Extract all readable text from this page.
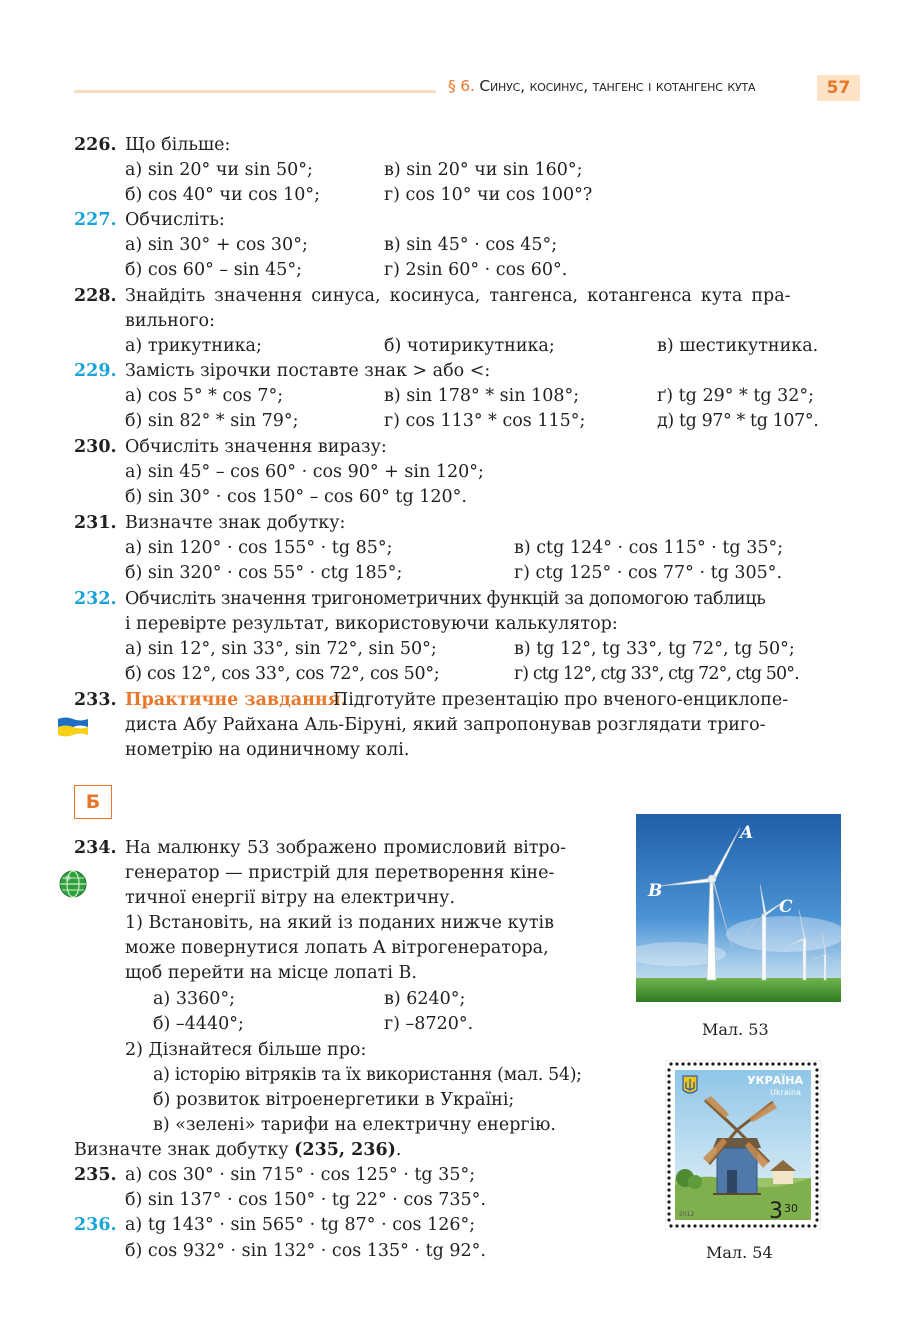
§ 6. Синус, косинус, тангенс і котангенс кута	57
226. Що більше:
а) sin 20° чи sin 50°;	в) sin 20° чи sin 160°;
б) cos 40° чи cos 10°;	г) cos 10° чи cos 100°?
227. Обчисліть:
а) sin 30° + cos 30°;	в) sin 45° · cos 45°;
б) cos 60° – sin 45°;	г) 2sin 60° · cos 60°.
228. Знайдіть значення синуса, косинуса, тангенса, котангенса кута пра-
вильного:
а) трикутника;	б) чотирикутника;	в) шестикутника.
229. Замість зірочки поставте знак > або <:
а) cos 5° * cos 7°;	в) sin 178° * sin 108°;	ґ) tg 29° * tg 32°;
б) sin 82° * sin 79°;	г) cos 113° * cos 115°;	д) tg 97° * tg 107°.
230. Обчисліть значення виразу:
а) sin 45° – cos 60° · cos 90° + sin 120°;
б) sin 30° · cos 150° – cos 60° tg 120°.
231. Визначте знак добутку:
а) sin 120° · cos 155° · tg 85°;	в) ctg 124° · cos 115° · tg 35°;
б) sin 320° · cos 55° · ctg 185°;	г) ctg 125° · cos 77° · tg 305°.
232. Обчисліть значення тригонометричних функцій за допомогою таблиць
і перевірте результат, використовуючи калькулятор:
а) sin 12°, sin 33°, sin 72°, sin 50°;	в) tg 12°, tg 33°, tg 72°, tg 50°;
б) cos 12°, cos 33°, cos 72°, cos 50°;	г) ctg 12°, ctg 33°, ctg 72°, ctg 50°.
233. Практичне завдання.
Підготуйте презентацію про вченого-енциклопе-
диста Абу Райхана Аль-Біруні, який запропонував розглядати триго-
нометрію на одиничному колі.
Б
234. На малюнку 53 зображено промисловий вітро-
генератор — пристрій для перетворення кіне-
тичної енергії вітру на електричну.
1) Встановіть, на який із поданих нижче кутів
може повернутися лопать A вітрогенератора,
щоб перейти на місце лопаті B.
а) 3360°;	в) 6240°;
б) –4440°;	г) –8720°.
2) Дізнайтеся більше про:
а) історію вітряків та їх використання (мал. 54);
б) розвиток вітроенергетики в Україні;
в) «зелені» тарифи на електричну енергію.
Визначте знак добутку (235, 236).
235. а) cos 30° · sin 715° · cos 125° · tg 35°;
б) sin 137° · cos 150° · tg 22° · cos 735°.
236. а) tg 143° · sin 565° · tg 87° · cos 126°;
б) cos 932° · sin 132° · cos 135° · tg 92°.
A
B
C
Мал. 53
УКРАЇНА
Ukraina
3 30
2012
Мал. 54
